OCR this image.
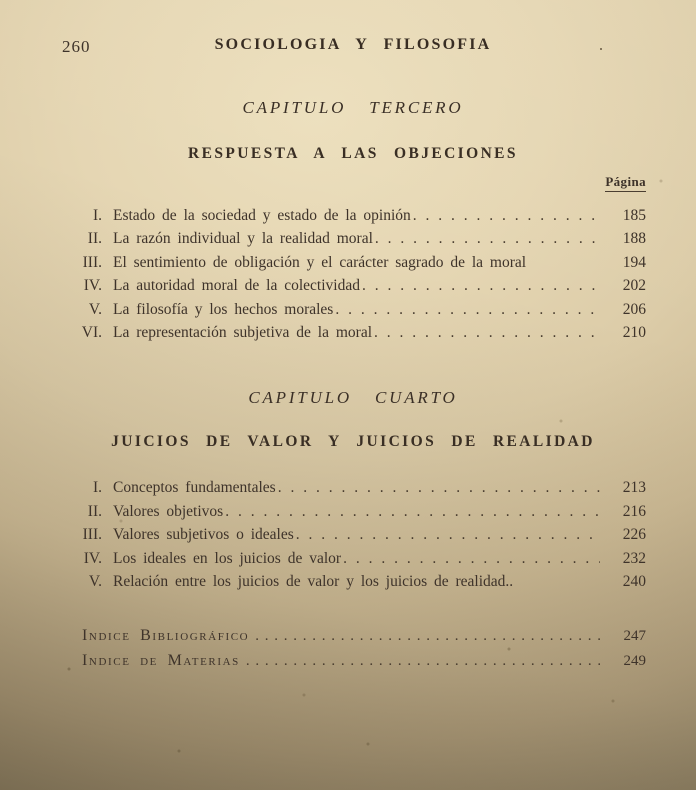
260	SOCIOLOGIA Y FILOSOFIA
CAPITULO TERCERO
RESPUESTA A LAS OBJECIONES
Página
I. Estado de la sociedad y estado de la opinión . . .	185
II. La razón individual y la realidad moral . . .	188
III. El sentimiento de obligación y el carácter sagrado de la moral	194
IV. La autoridad moral de la colectividad . . .	202
V. La filosofía y los hechos morales . . .	206
VI. La representación subjetiva de la moral . . .	210
CAPITULO CUARTO
JUICIOS DE VALOR Y JUICIOS DE REALIDAD
I. Conceptos fundamentales . . .	213
II. Valores objetivos . . .	216
III. Valores subjetivos o ideales . . .	226
IV. Los ideales en los juicios de valor . . .	232
V. Relación entre los juicios de valor y los juicios de realidad..	240
Indice Bibliográfico . . .	247
Indice de Materias . . .	249
